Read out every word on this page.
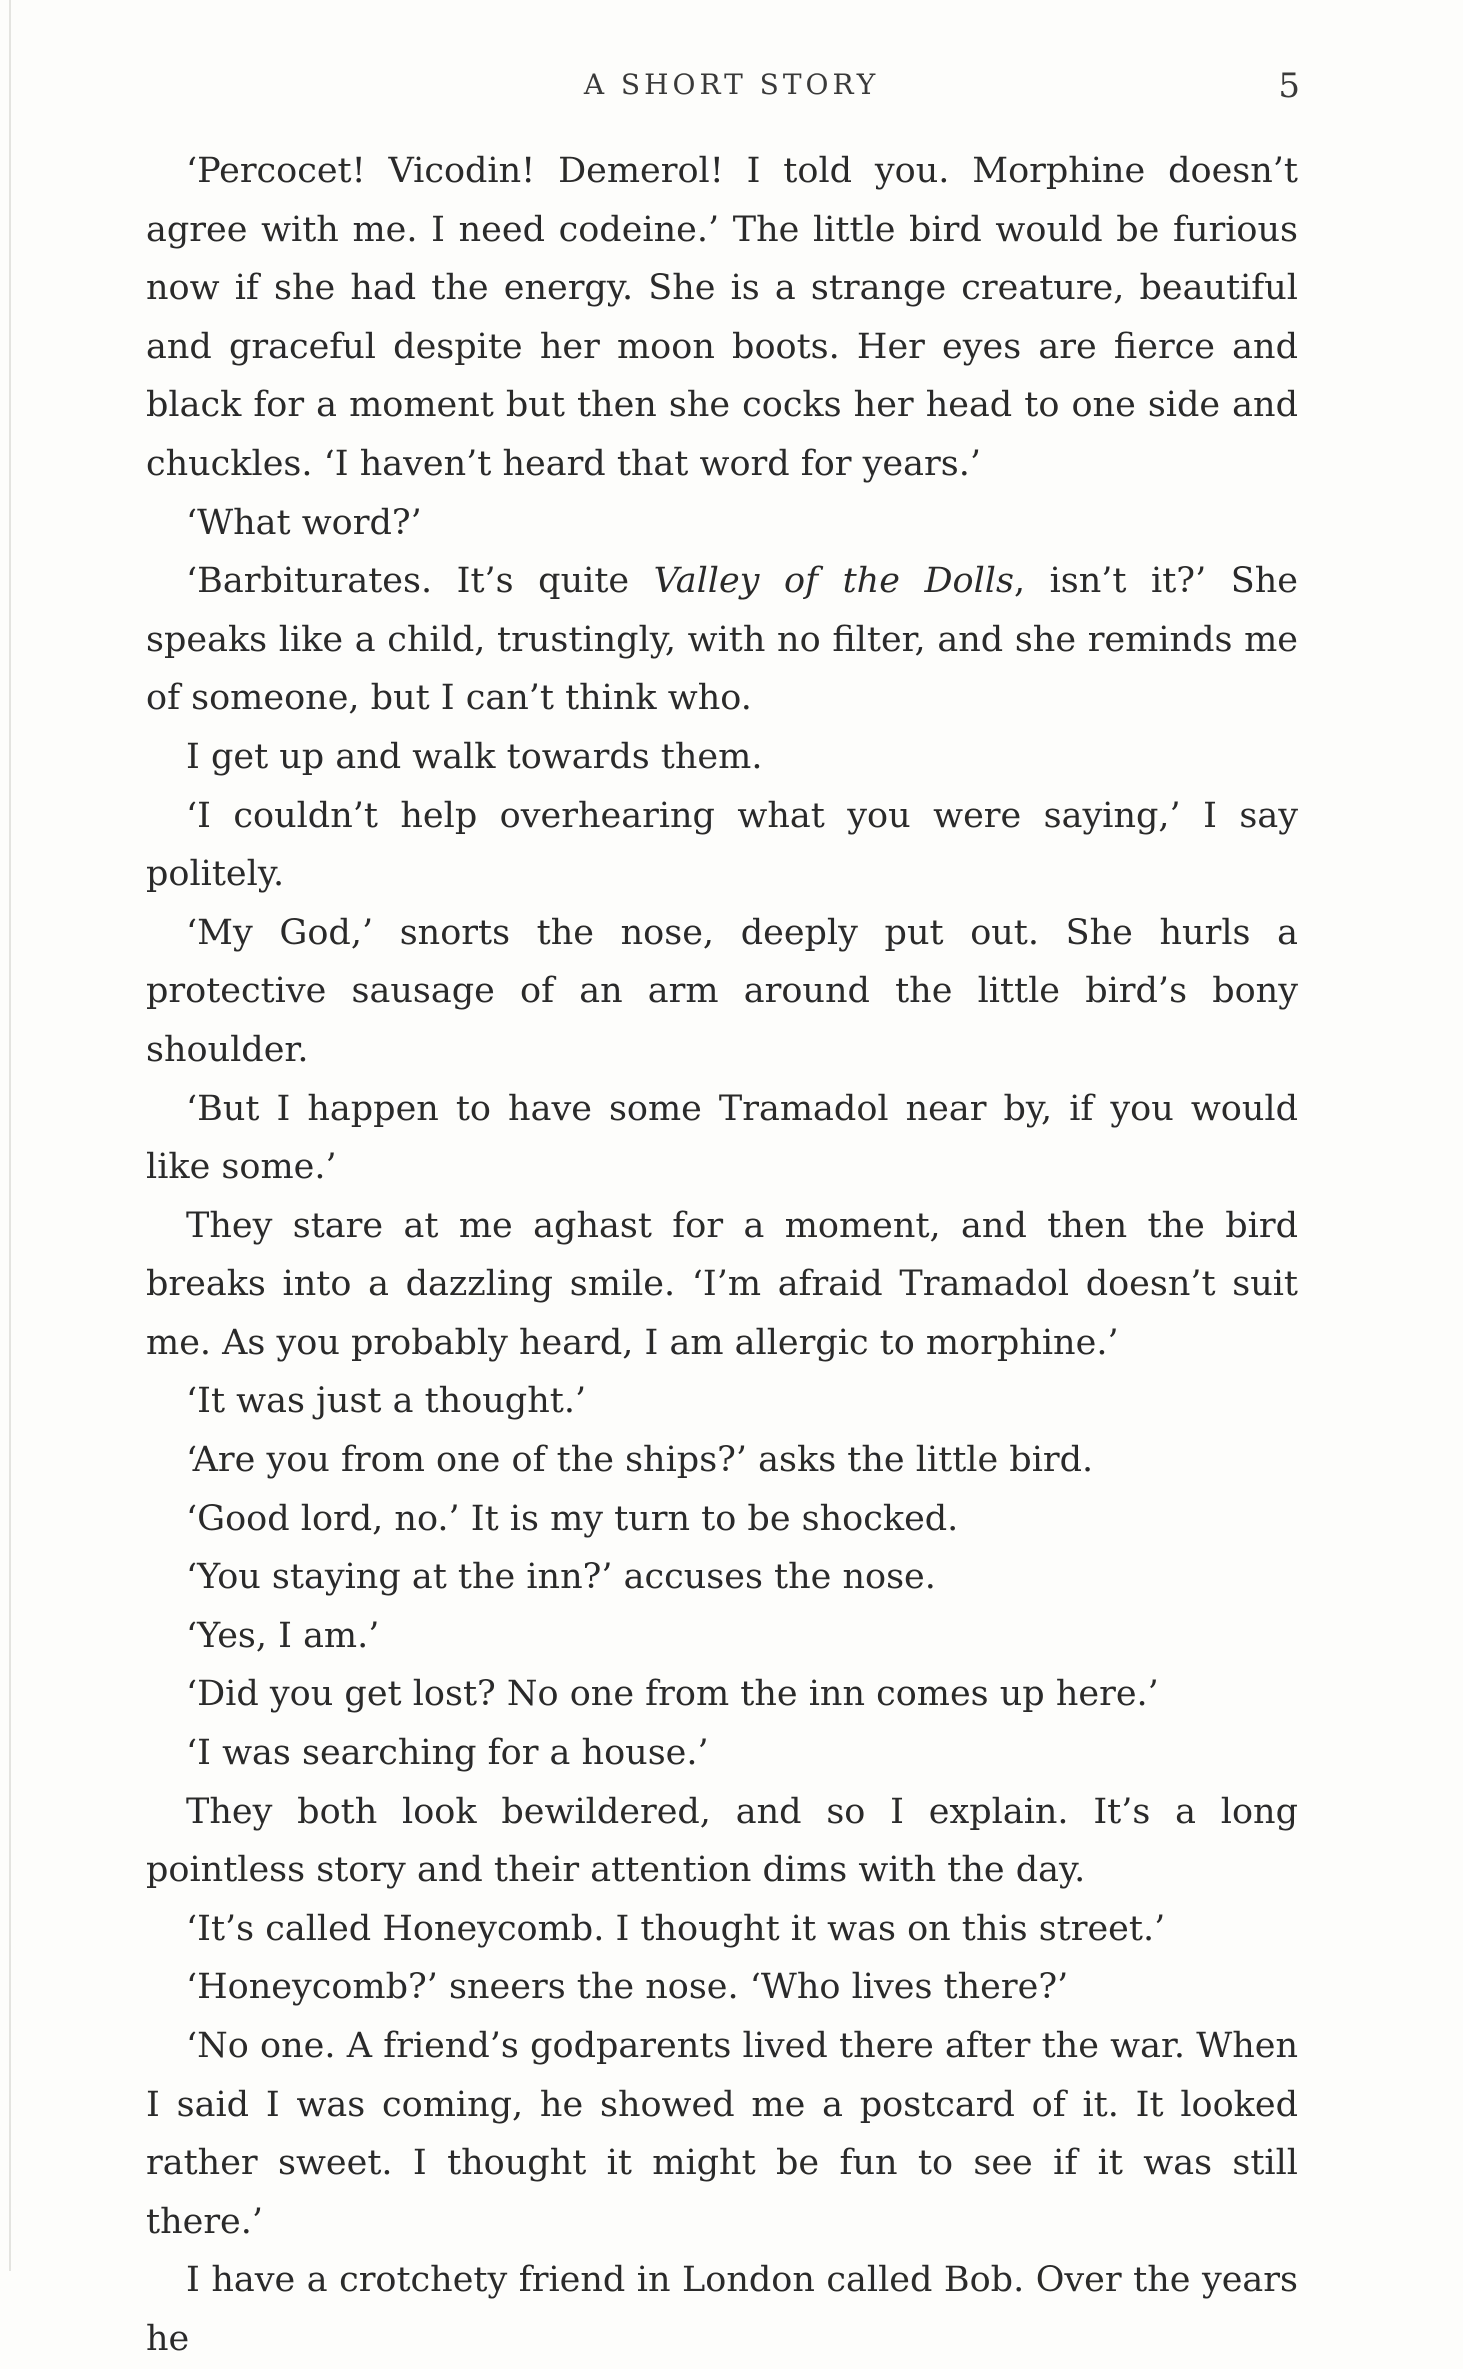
A SHORT STORY	5

‘Percocet! Vicodin! Demerol! I told you. Morphine doesn’t agree with me. I need codeine.’ The little bird would be furious now if she had the energy. She is a strange creature, beautiful and graceful despite her moon boots. Her eyes are fierce and black for a moment but then she cocks her head to one side and chuckles. ‘I haven’t heard that word for years.’

‘What word?’

‘Barbiturates. It’s quite Valley of the Dolls, isn’t it?’ She speaks like a child, trustingly, with no filter, and she reminds me of someone, but I can’t think who.

I get up and walk towards them.

‘I couldn’t help overhearing what you were saying,’ I say politely.

‘My God,’ snorts the nose, deeply put out. She hurls a protective sausage of an arm around the little bird’s bony shoulder.

‘But I happen to have some Tramadol near by, if you would like some.’

They stare at me aghast for a moment, and then the bird breaks into a dazzling smile. ‘I’m afraid Tramadol doesn’t suit me. As you probably heard, I am allergic to morphine.’

‘It was just a thought.’

‘Are you from one of the ships?’ asks the little bird.

‘Good lord, no.’ It is my turn to be shocked.

‘You staying at the inn?’ accuses the nose.

‘Yes, I am.’

‘Did you get lost? No one from the inn comes up here.’

‘I was searching for a house.’

They both look bewildered, and so I explain. It’s a long pointless story and their attention dims with the day.

‘It’s called Honeycomb. I thought it was on this street.’

‘Honeycomb?’ sneers the nose. ‘Who lives there?’

‘No one. A friend’s godparents lived there after the war. When I said I was coming, he showed me a postcard of it. It looked rather sweet. I thought it might be fun to see if it was still there.’

I have a crotchety friend in London called Bob. Over the years he
